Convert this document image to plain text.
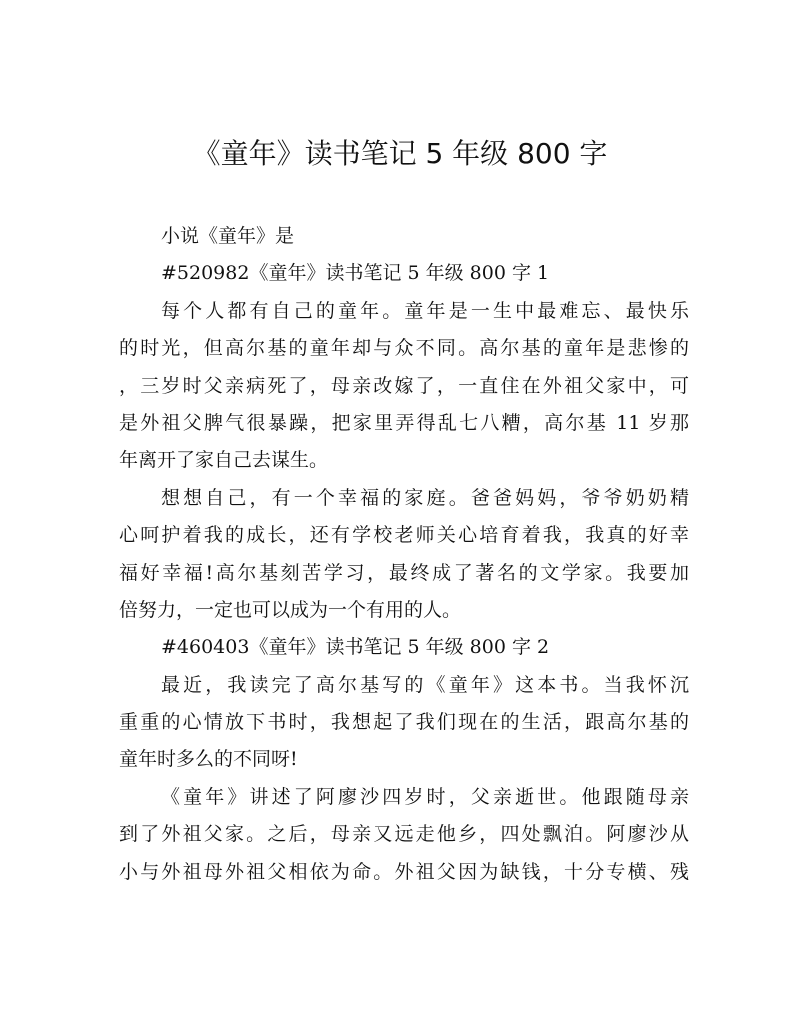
《童年》读书笔记 5 年级 800 字
小说《童年》是
#520982《童年》读书笔记 5 年级 800 字 1
每个人都有自己的童年。童年是一生中最难忘、最快乐
的时光，但高尔基的童年却与众不同。高尔基的童年是悲惨的
，三岁时父亲病死了，母亲改嫁了，一直住在外祖父家中，可
是外祖父脾气很暴躁，把家里弄得乱七八糟，高尔基 11 岁那
年离开了家自己去谋生。
想想自己，有一个幸福的家庭。爸爸妈妈，爷爷奶奶精
心呵护着我的成长，还有学校老师关心培育着我，我真的好幸
福好幸福!高尔基刻苦学习，最终成了著名的文学家。我要加
倍努力，一定也可以成为一个有用的人。
#460403《童年》读书笔记 5 年级 800 字 2
最近，我读完了高尔基写的《童年》这本书。当我怀沉
重重的心情放下书时，我想起了我们现在的生活，跟高尔基的
童年时多么的不同呀!
《童年》讲述了阿廖沙四岁时，父亲逝世。他跟随母亲
到了外祖父家。之后，母亲又远走他乡，四处飘泊。阿廖沙从
小与外祖母外祖父相依为命。外祖父因为缺钱，十分专横、残
